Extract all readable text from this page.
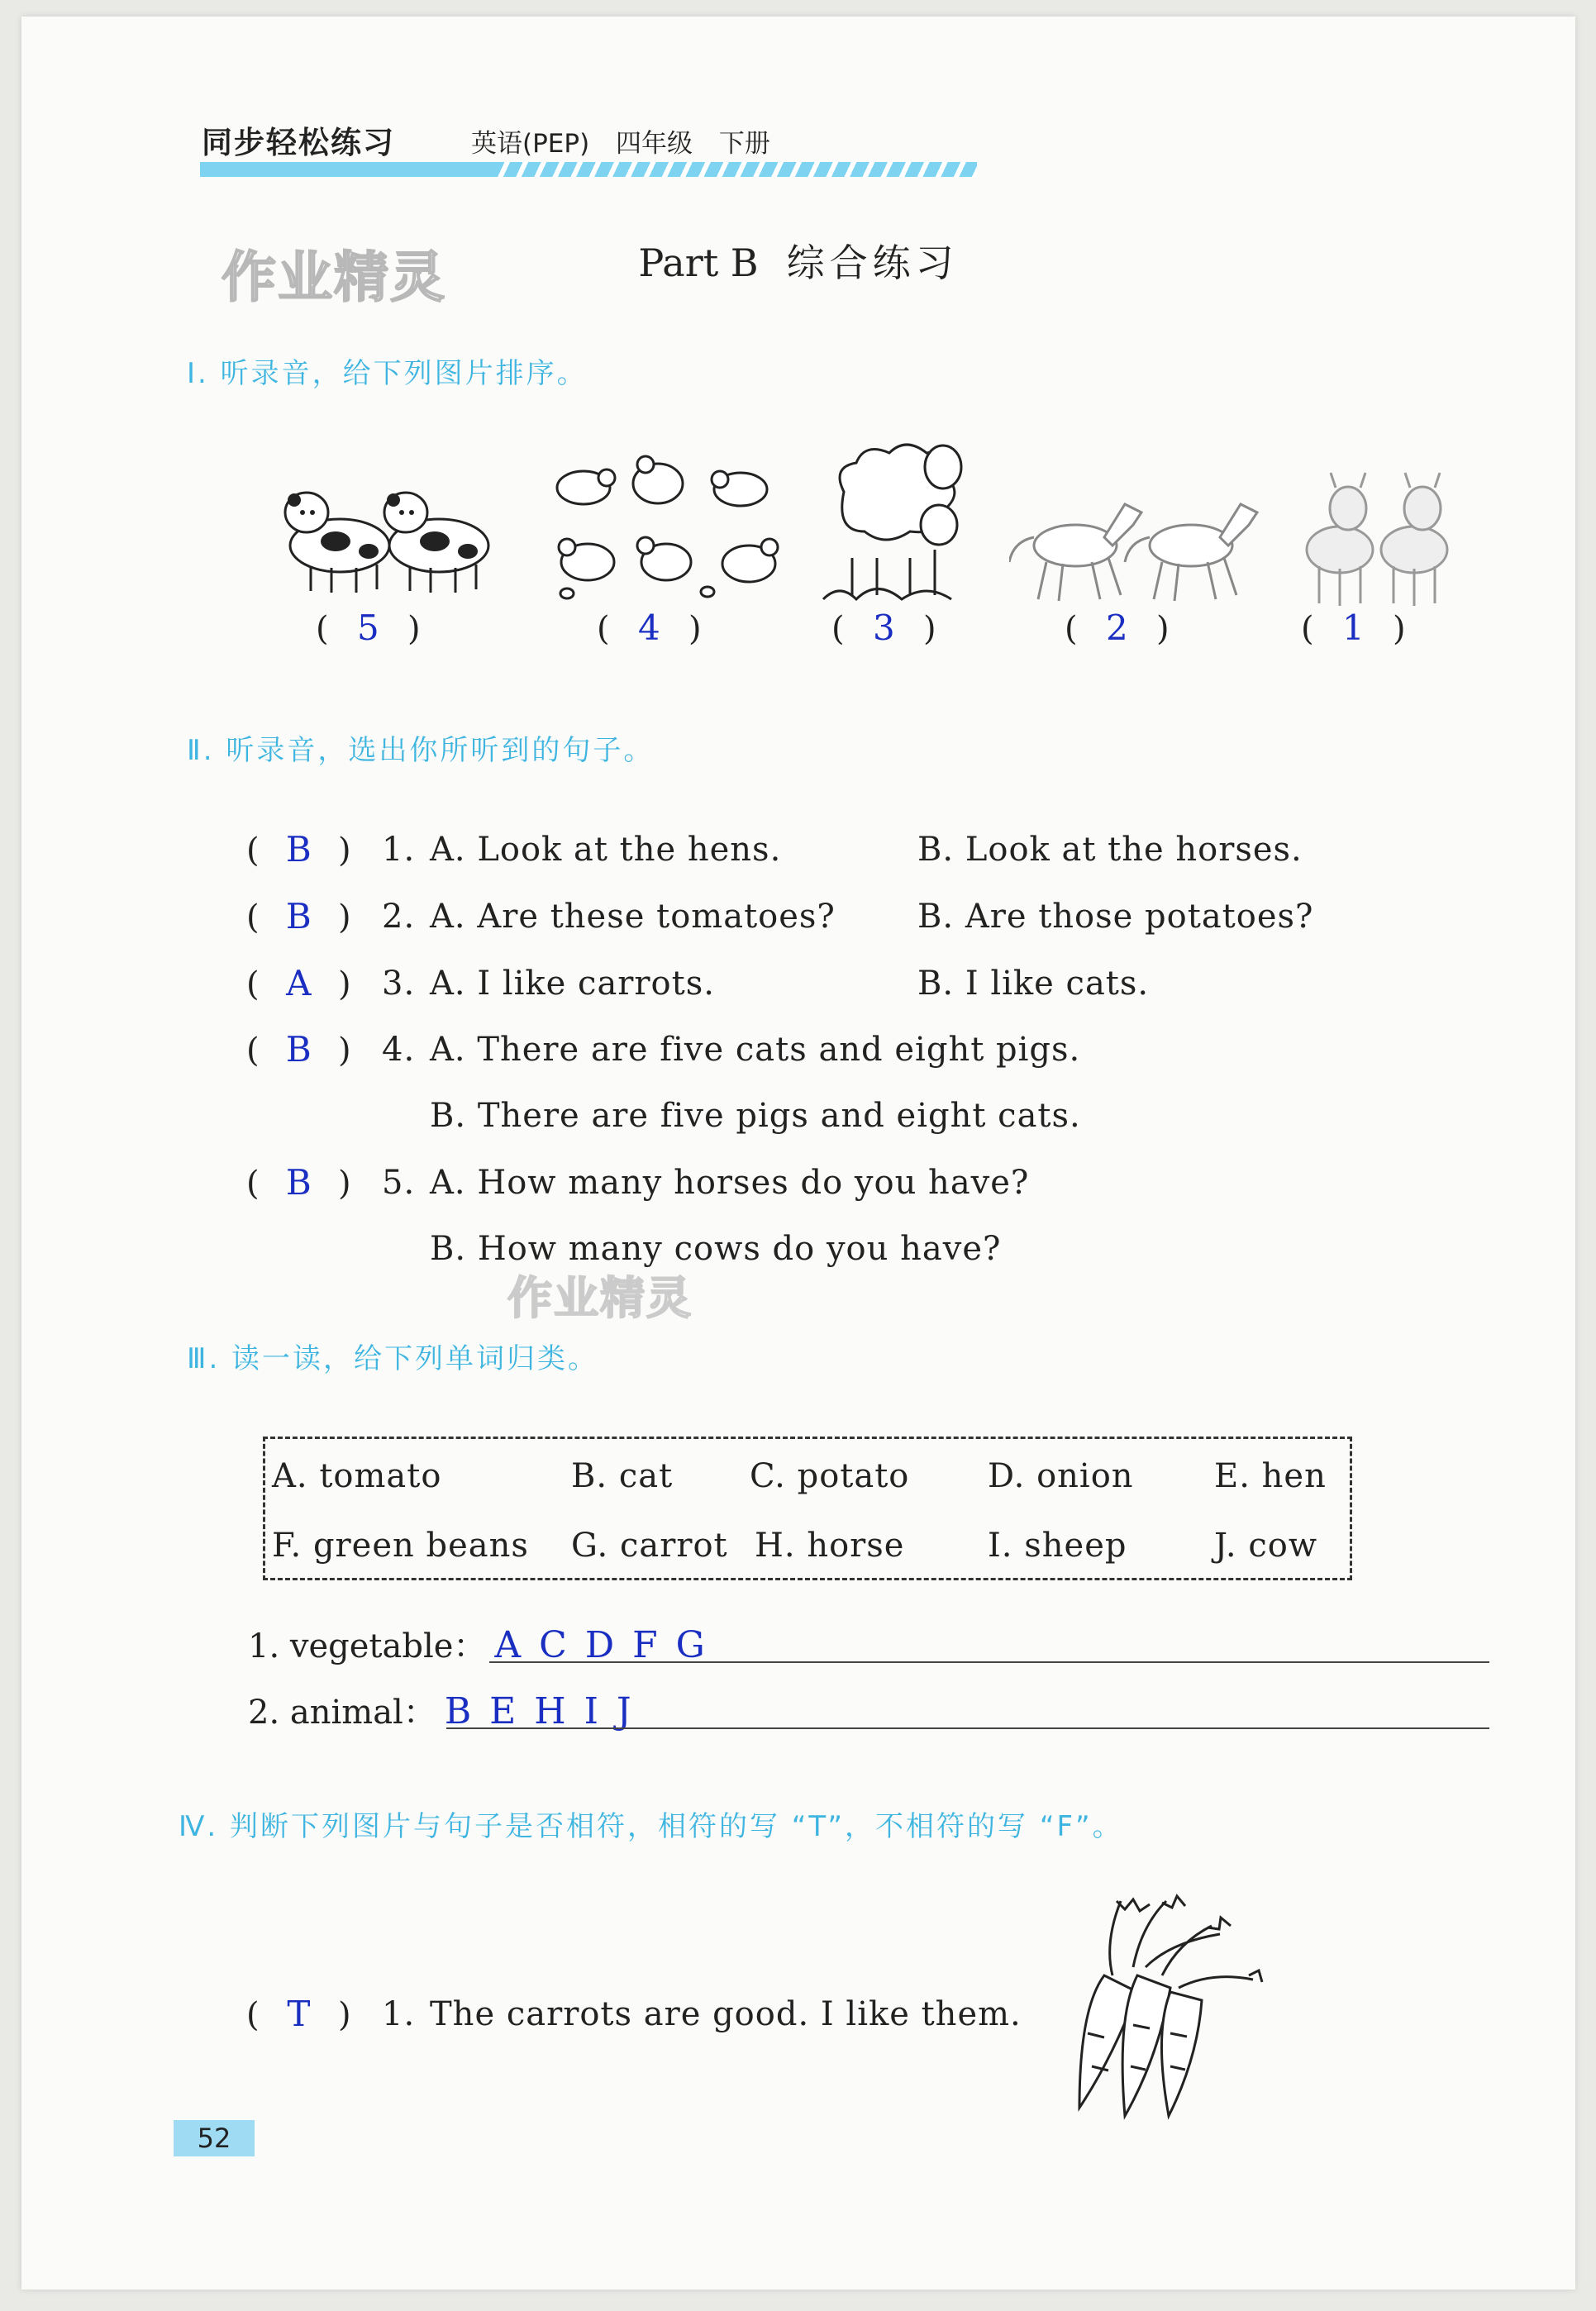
同步轻松练习	英语(PEP) 四年级 下册
作业精灵	Part B 综合练习
Ⅰ. 听录音，给下列图片排序。
( 5 )	( 4 )	( 3 )	( 2 )	( 1 )
Ⅱ. 听录音，选出你所听到的句子。
( B ) 1. A. Look at the hens.	B. Look at the horses.
( B ) 2. A. Are these tomatoes? B. Are those potatoes?
( A ) 3. A. I like carrots.	B. I like cats.
( B ) 4. A. There are five cats and eight pigs.
B. There are five pigs and eight cats.
( B ) 5. A. How many horses do you have?
B. How many cows do you have?
作业精灵
Ⅲ. 读一读，给下列单词归类。
A. tomato	B. cat C. potato D. onion E. hen
F. green beans G. carrot H. horse	I. sheep	J. cow
1. vegetable： A C D F G
2. animal： B E H I J
Ⅳ. 判断下列图片与句子是否相符，相符的写 “T”，不相符的写 “F”。
( T ) 1. The carrots are good. I like them.
52
